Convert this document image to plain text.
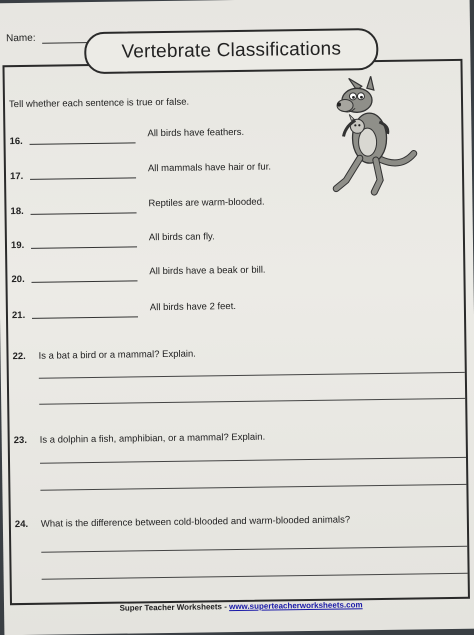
Name:
Vertebrate Classifications
Tell whether each sentence is true or false.
16.
All birds have feathers.
17.
All mammals have hair or fur.
18.
Reptiles are warm-blooded.
19.
All birds can fly.
20.
All birds have a beak or bill.
21.
All birds have 2 feet.
22. Is a bat a bird or a mammal? Explain.
23. Is a dolphin a fish, amphibian, or a mammal? Explain.
24. What is the difference between cold-blooded and warm-blooded animals?
Super Teacher Worksheets - www.superteacherworksheets.com
